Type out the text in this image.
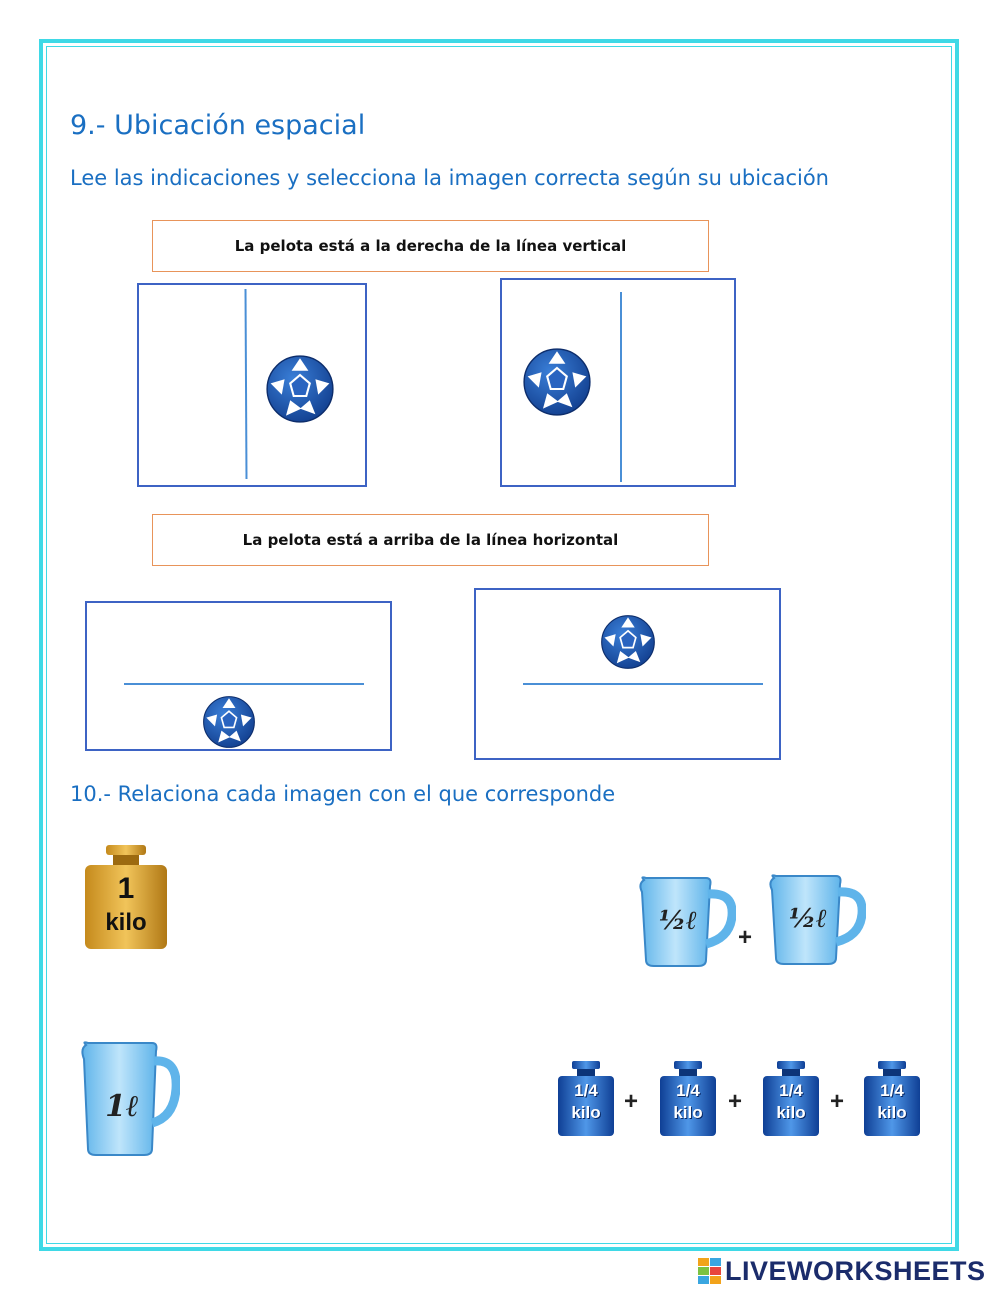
9.- Ubicación espacial
Lee las indicaciones y selecciona la imagen correcta según su ubicación
La pelota está a la derecha de la línea vertical
La pelota está a arriba de la línea horizontal
10.- Relaciona cada imagen con el que corresponde
1
kilo	½ℓ
+
½ℓ
1ℓ	1/4
kilo +	1/4
kilo	+	1/4
kilo	+	1/4
kilo
LIVEWORKSHEETS
